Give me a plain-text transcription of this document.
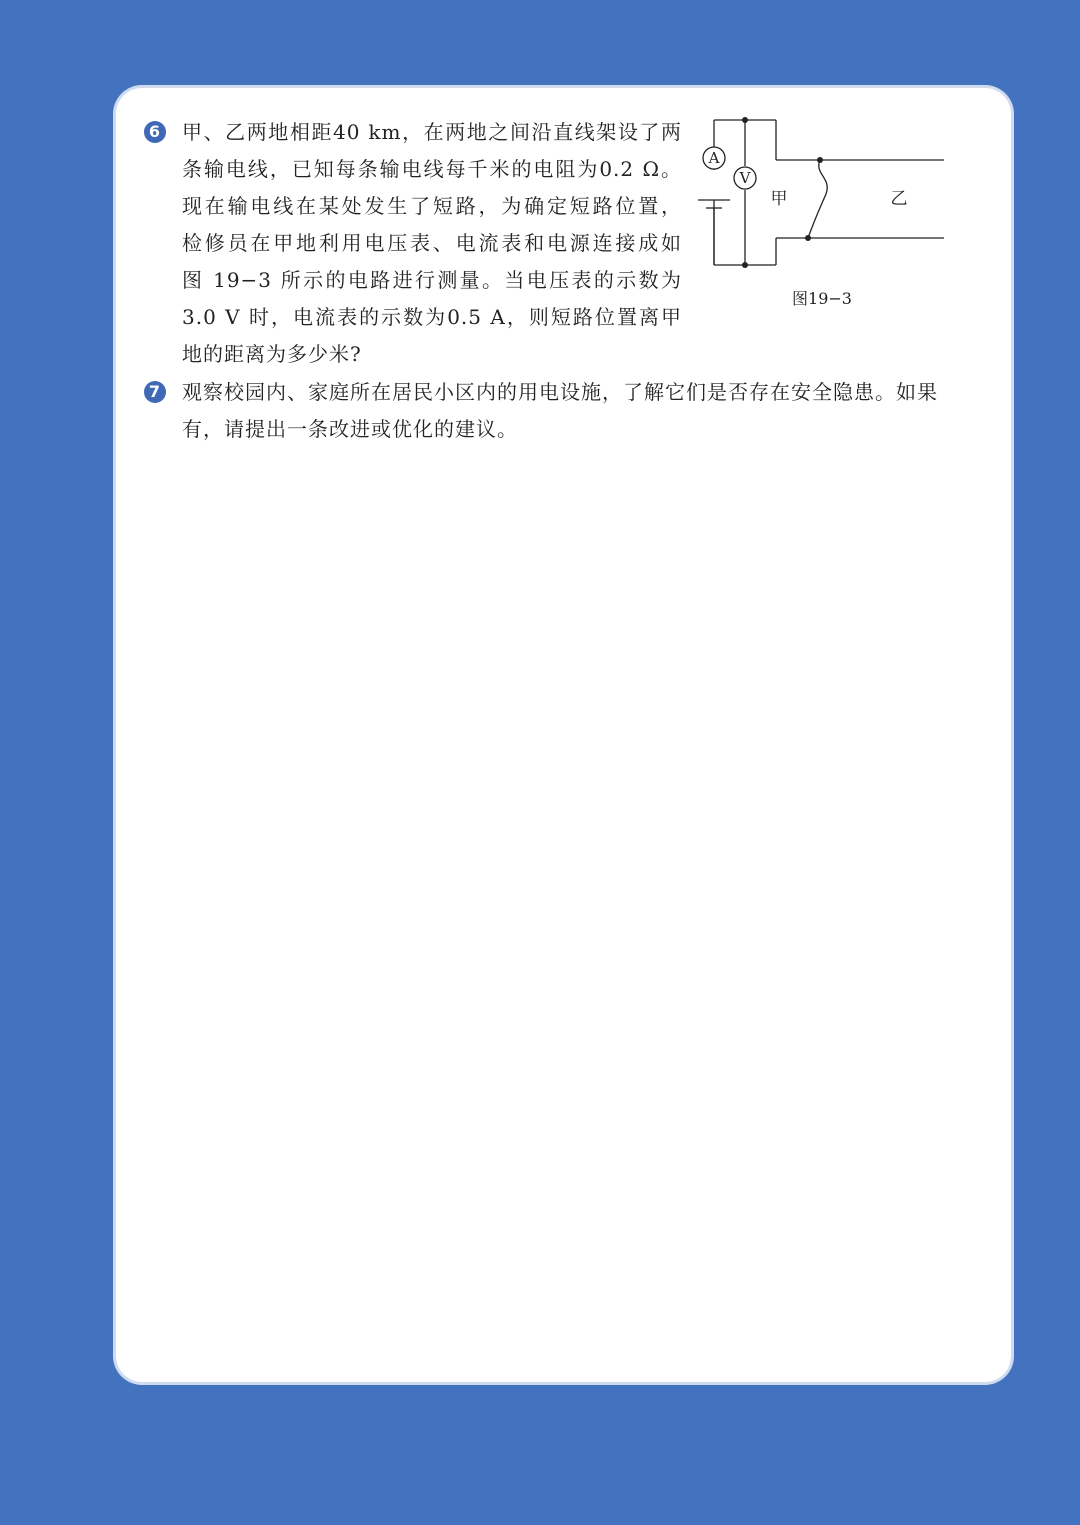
6 甲、乙两地相距40 km，在两地之间沿直线架设了两
条输电线，已知每条输电线每千米的电阻为0.2 Ω。
现在输电线在某处发生了短路，为确定短路位置，
检修员在甲地利用电压表、电流表和电源连接成如
图 19−3 所示的电路进行测量。当电压表的示数为
3.0 V 时，电流表的示数为0.5 A，则短路位置离甲
地的距离为多少米?
A
V
甲	乙
图19−3
7 观察校园内、家庭所在居民小区内的用电设施，了解它们是否存在安全隐患。如果
有，请提出一条改进或优化的建议。
